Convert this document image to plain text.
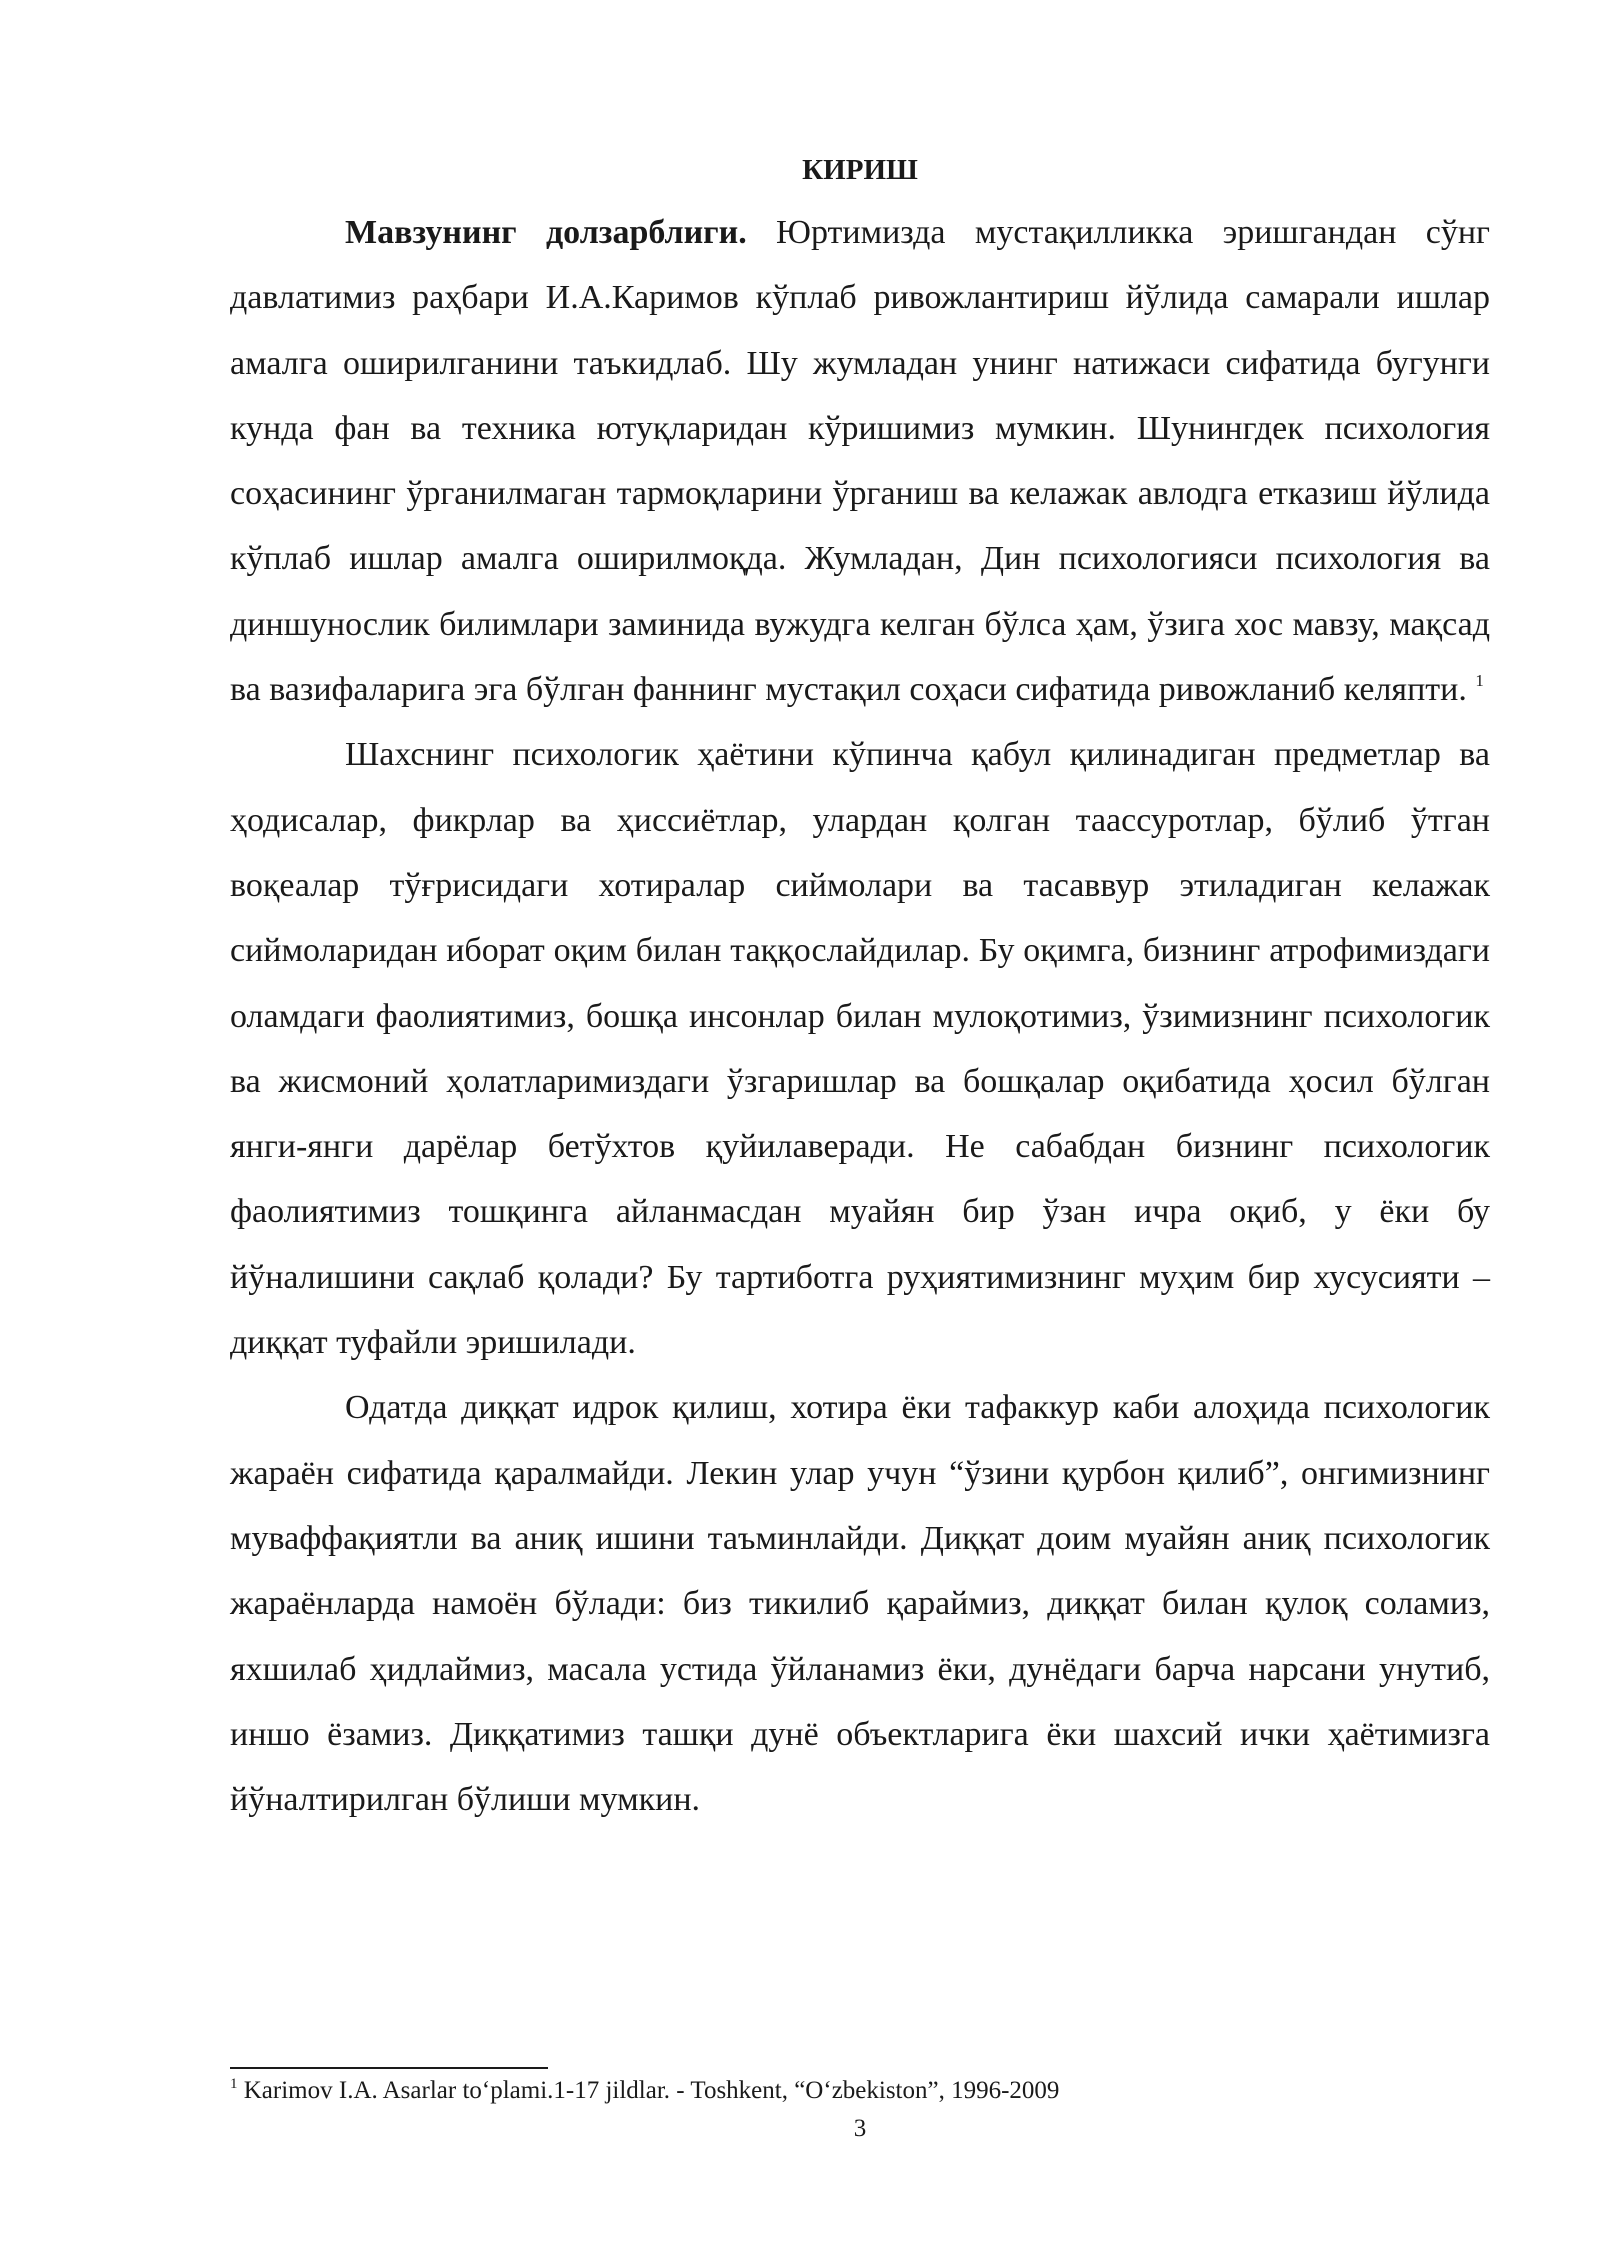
КИРИШ

Мавзунинг долзарблиги. Юртимизда мустақилликка эришгандан сўнг давлатимиз раҳбари И.А.Каримов кўплаб ривожлантириш йўлида самарали ишлар амалга оширилганини таъкидлаб. Шу жумладан унинг натижаси сифатида бугунги кунда фан ва техника ютуқларидан кўришимиз мумкин. Шунингдек психология соҳасининг ўрганилмаган тармоқларини ўрганиш ва келажак авлодга етказиш йўлида кўплаб ишлар амалга оширилмоқда. Жумладан, Дин психологияси психология ва диншунослик билимлари заминида вужудга келган бўлса ҳам, ўзига хос мавзу, мақсад ва вазифаларига эга бўлган фаннинг мустақил соҳаси сифатида ривожланиб келяпти. $^1$

Шахснинг психологик ҳаётини кўпинча қабул қилинадиган предметлар ва ҳодисалар, фикрлар ва ҳиссиётлар, улардан қолган таассуротлар, бўлиб ўтган воқеалар тўғрисидаги хотиралар сиймолари ва тасаввур этиладиган келажак сиймоларидан иборат оқим билан таққослайдилар. Бу оқимга, бизнинг атрофимиздаги оламдаги фаолиятимиз, бошқа инсонлар билан мулоқотимиз, ўзимизнинг психологик ва жисмоний ҳолатларимиздаги ўзгаришлар ва бошқалар оқибатида ҳосил бўлган янги-янги дарёлар бетўхтов қуйилаверади. Не сабабдан бизнинг психологик фаолиятимиз тошқинга айланмасдан муайян бир ўзан ичра оқиб, у ёки бу йўналишини сақлаб қолади? Бу тартиботга руҳиятимизнинг муҳим бир хусусияти – диққат туфайли эришилади.

Одатда диққат идрок қилиш, хотира ёки тафаккур каби алоҳида психологик жараён сифатида қаралмайди. Лекин улар учун “ўзини қурбон қилиб”, онгимизнинг муваффақиятли ва аниқ ишини таъминлайди. Диққат доим муайян аниқ психологик жараёнларда намоён бўлади: биз тикилиб қараймиз, диққат билан қулоқ соламиз, яхшилаб ҳидлаймиз, масала устида ўйланамиз ёки, дунёдаги барча нарсани унутиб, иншо ёзамиз. Диққатимиз ташқи дунё объектларига ёки шахсий ички ҳаётимизга йўналтирилган бўлиши мумкин.

$^1$ Karimov I.A. Asarlar to‘plami.1-17 jildlar. - Toshkent, “O‘zbekiston”, 1996-2009
3
